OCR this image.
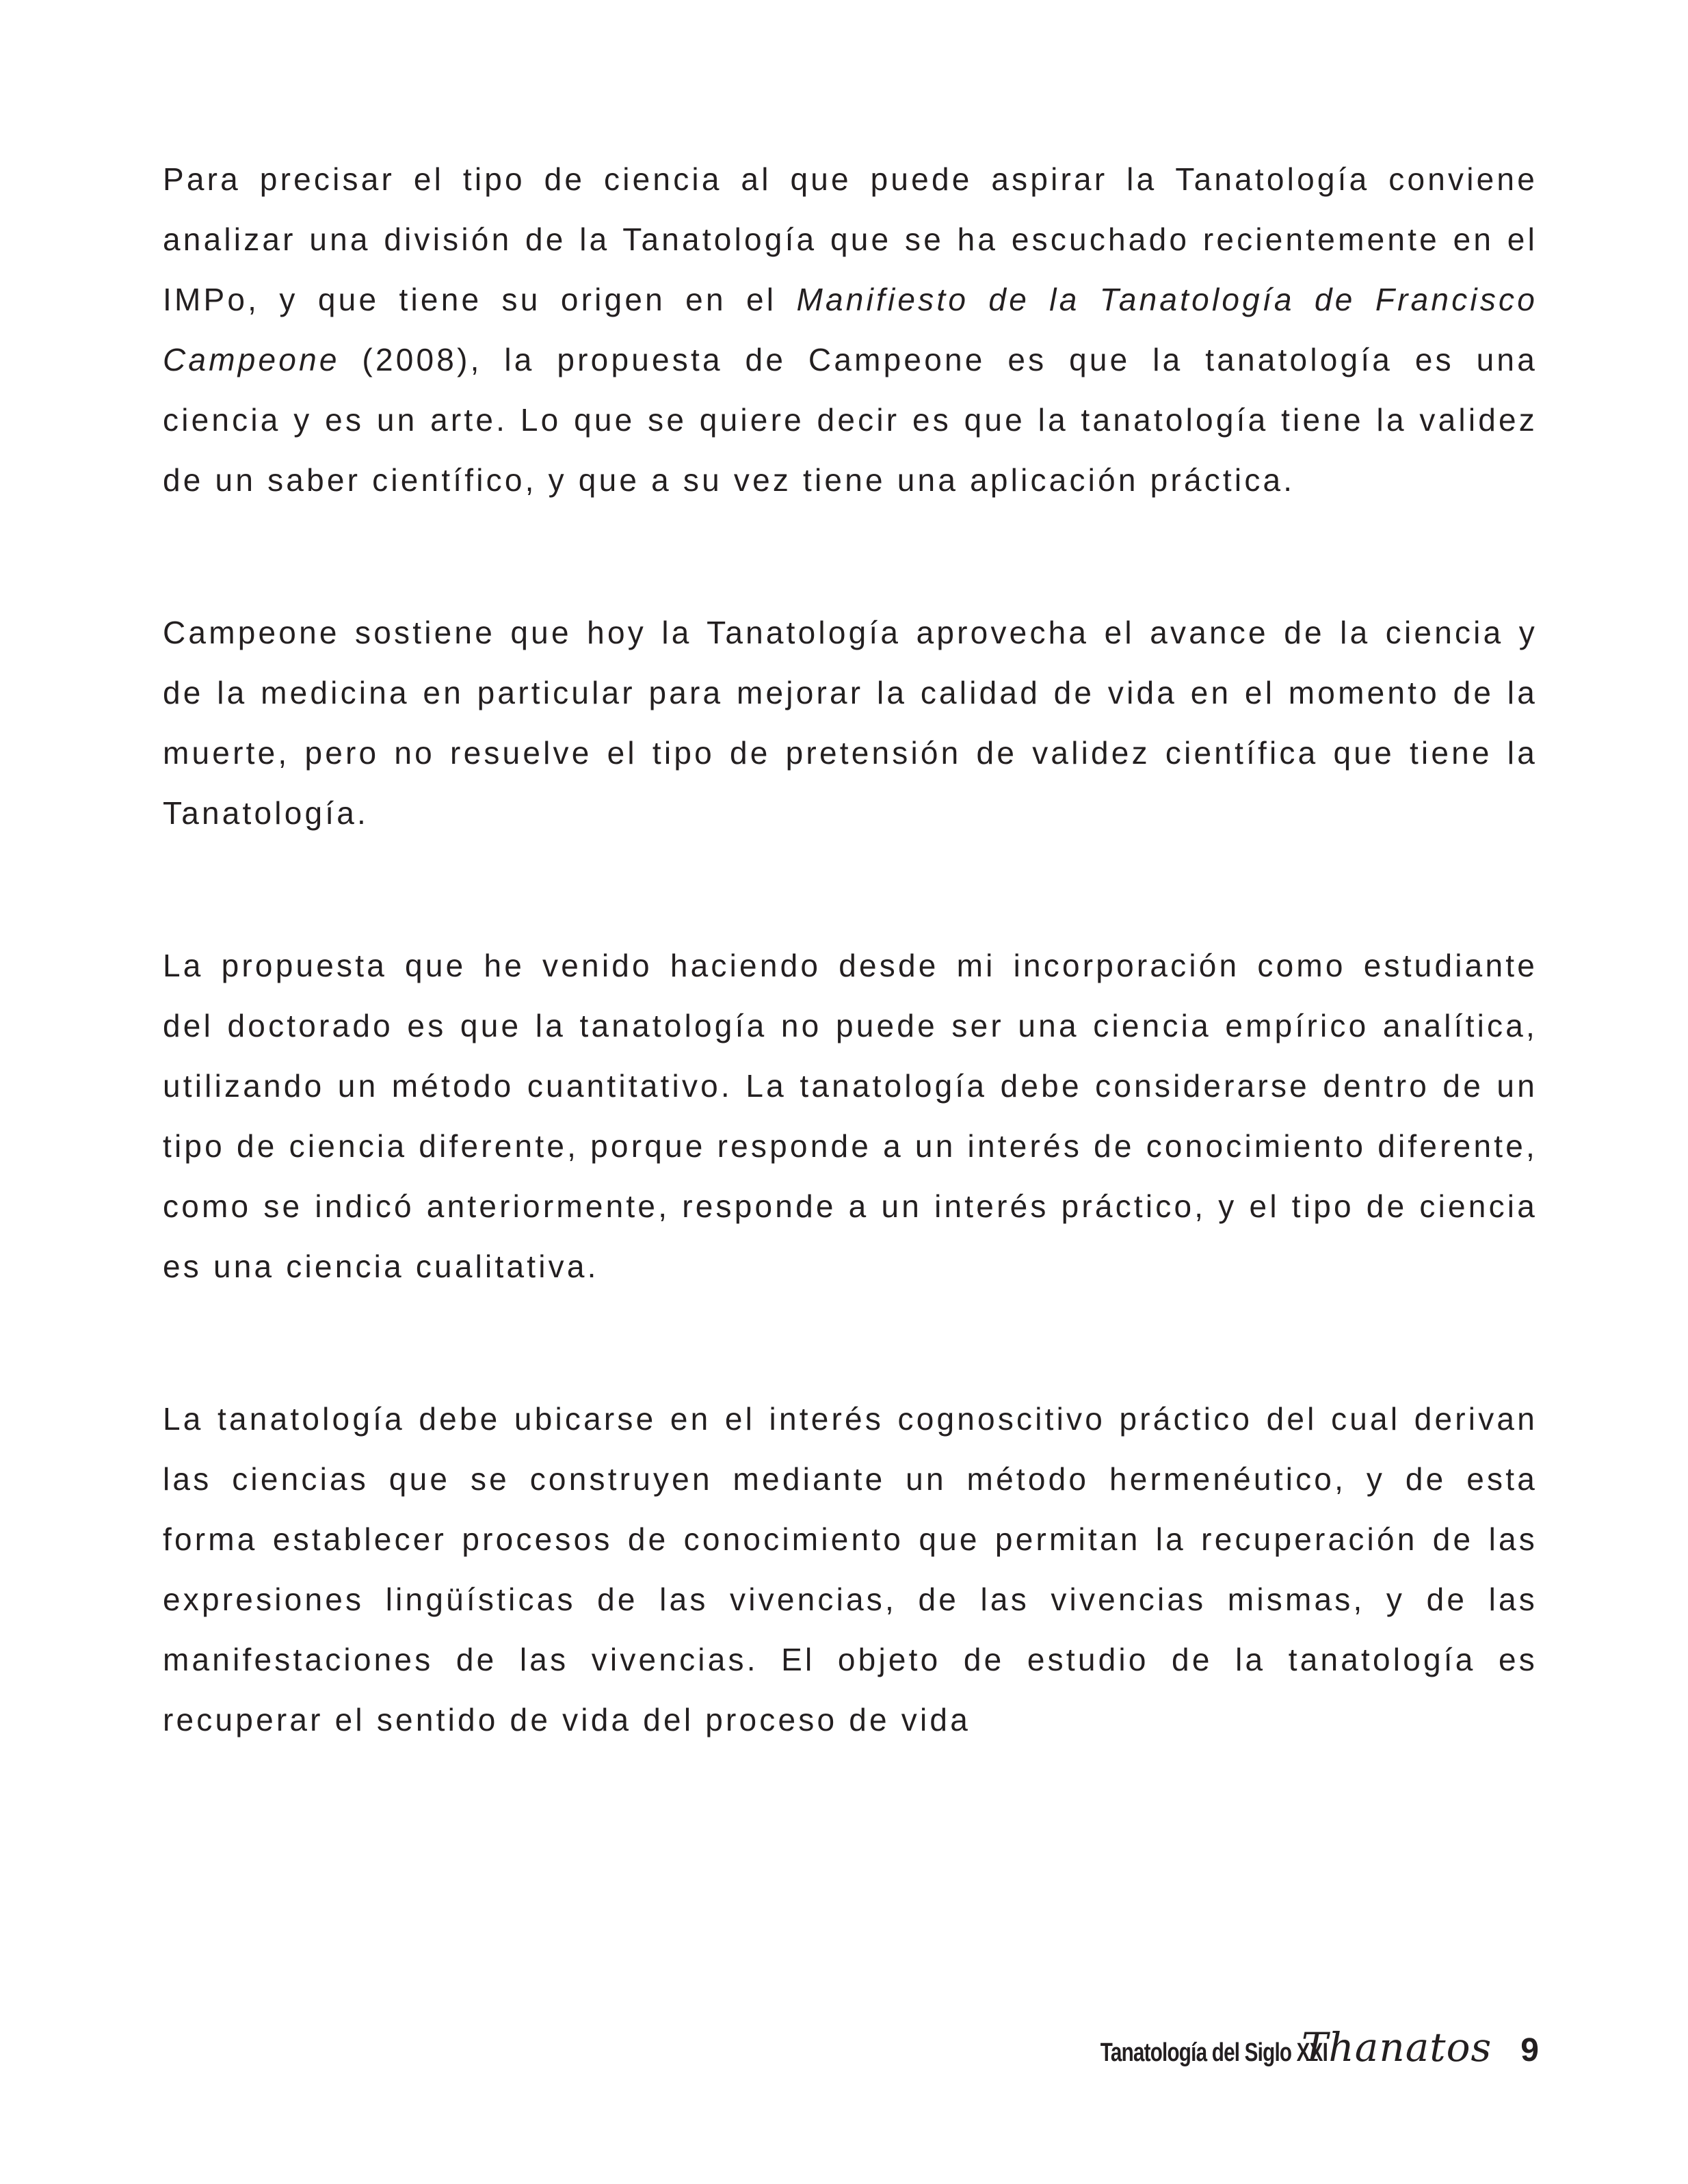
Para precisar el tipo de ciencia al que puede aspirar la Tanatología conviene analizar una división de la Tanatología que se ha escuchado recientemente en el IMPo, y que tiene su origen en el Manifiesto de la Tanatología de Francisco Campeone (2008), la propuesta de Campeone es que la tanatología es una ciencia y es un arte. Lo que se quiere decir es que la tanatología tiene la validez de un saber científico, y que a su vez tiene una aplicación práctica.

Campeone sostiene que hoy la Tanatología aprovecha el avance de la ciencia y de la medicina en particular para mejorar la calidad de vida en el momento de la muerte, pero no resuelve el tipo de pretensión de validez científica que tiene la Tanatología.

La propuesta que he venido haciendo desde mi incorporación como estudiante del doctorado es que la tanatología no puede ser una ciencia empírico analítica, utilizando un método cuantitativo. La tanatología debe considerarse dentro de un tipo de ciencia diferente, porque responde a un interés de conocimiento diferente, como se indicó anteriormente, responde a un interés práctico, y el tipo de ciencia es una ciencia cualitativa.

La tanatología debe ubicarse en el interés cognoscitivo práctico del cual derivan las ciencias que se construyen mediante un método hermenéutico, y de esta forma establecer procesos de conocimiento que permitan la recuperación de las expresiones lingüísticas de las vivencias, de las vivencias mismas, y de las manifestaciones de las vivencias. El objeto de estudio de la tanatología es recuperar el sentido de vida del proceso de vida

Tanatología del Siglo XXI
Thanatos 9
